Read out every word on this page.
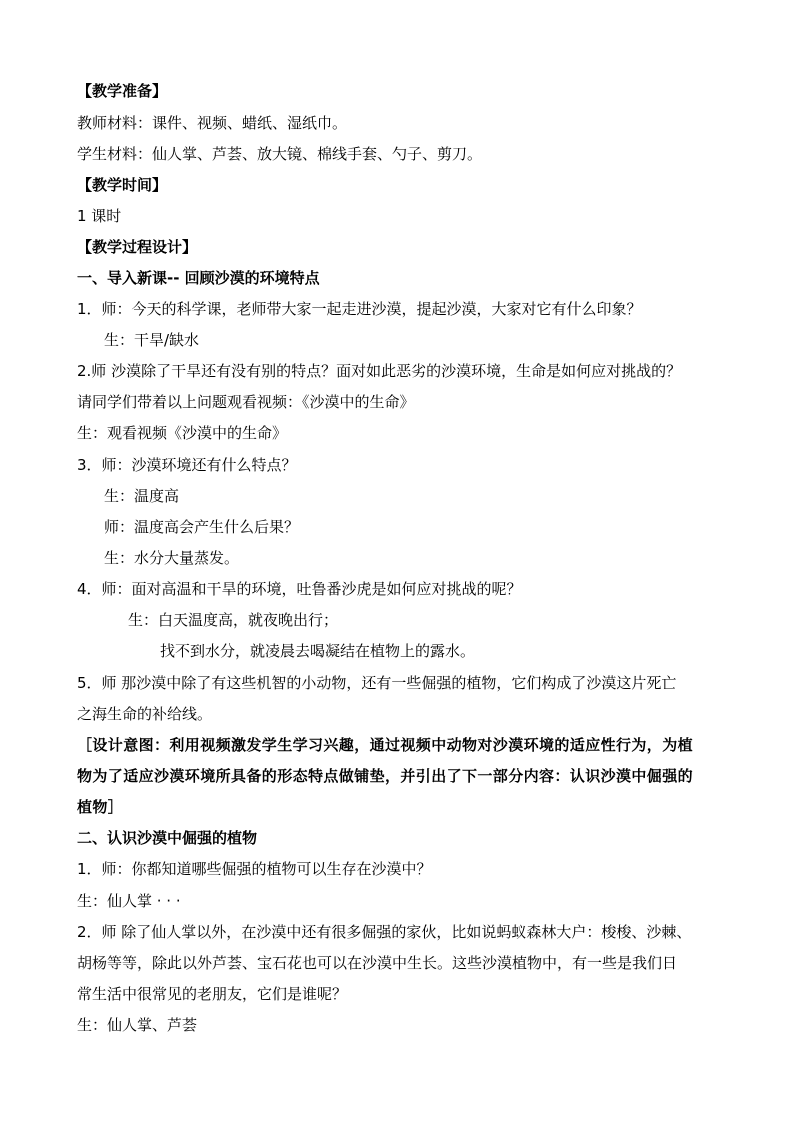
【教学准备】
教师材料：课件、视频、蜡纸、湿纸巾。
学生材料：仙人掌、芦荟、放大镜、棉线手套、勺子、剪刀。
【教学时间】
1 课时
【教学过程设计】
一、导入新课-- 回顾沙漠的环境特点
1．师：今天的科学课，老师带大家一起走进沙漠，提起沙漠，大家对它有什么印象？
生：干旱/缺水
2.师 沙漠除了干旱还有没有别的特点？面对如此恶劣的沙漠环境，生命是如何应对挑战的？
请同学们带着以上问题观看视频：《沙漠中的生命》
生：观看视频《沙漠中的生命》
3．师：沙漠环境还有什么特点？
生：温度高
师：温度高会产生什么后果？
生：水分大量蒸发。
4．师：面对高温和干旱的环境，吐鲁番沙虎是如何应对挑战的呢？
生：白天温度高，就夜晚出行；
找不到水分，就凌晨去喝凝结在植物上的露水。
5．师 那沙漠中除了有这些机智的小动物，还有一些倔强的植物，它们构成了沙漠这片死亡
之海生命的补给线。
［设计意图：利用视频激发学生学习兴趣，通过视频中动物对沙漠环境的适应性行为，为植
物为了适应沙漠环境所具备的形态特点做铺垫，并引出了下一部分内容：认识沙漠中倔强的
植物］
二、认识沙漠中倔强的植物
1．师：你都知道哪些倔强的植物可以生存在沙漠中？
生：仙人掌 · · ·
2．师 除了仙人掌以外，在沙漠中还有很多倔强的家伙，比如说蚂蚁森林大户：梭梭、沙棘、
胡杨等等，除此以外芦荟、宝石花也可以在沙漠中生长。这些沙漠植物中，有一些是我们日
常生活中很常见的老朋友，它们是谁呢？
生：仙人掌、芦荟
